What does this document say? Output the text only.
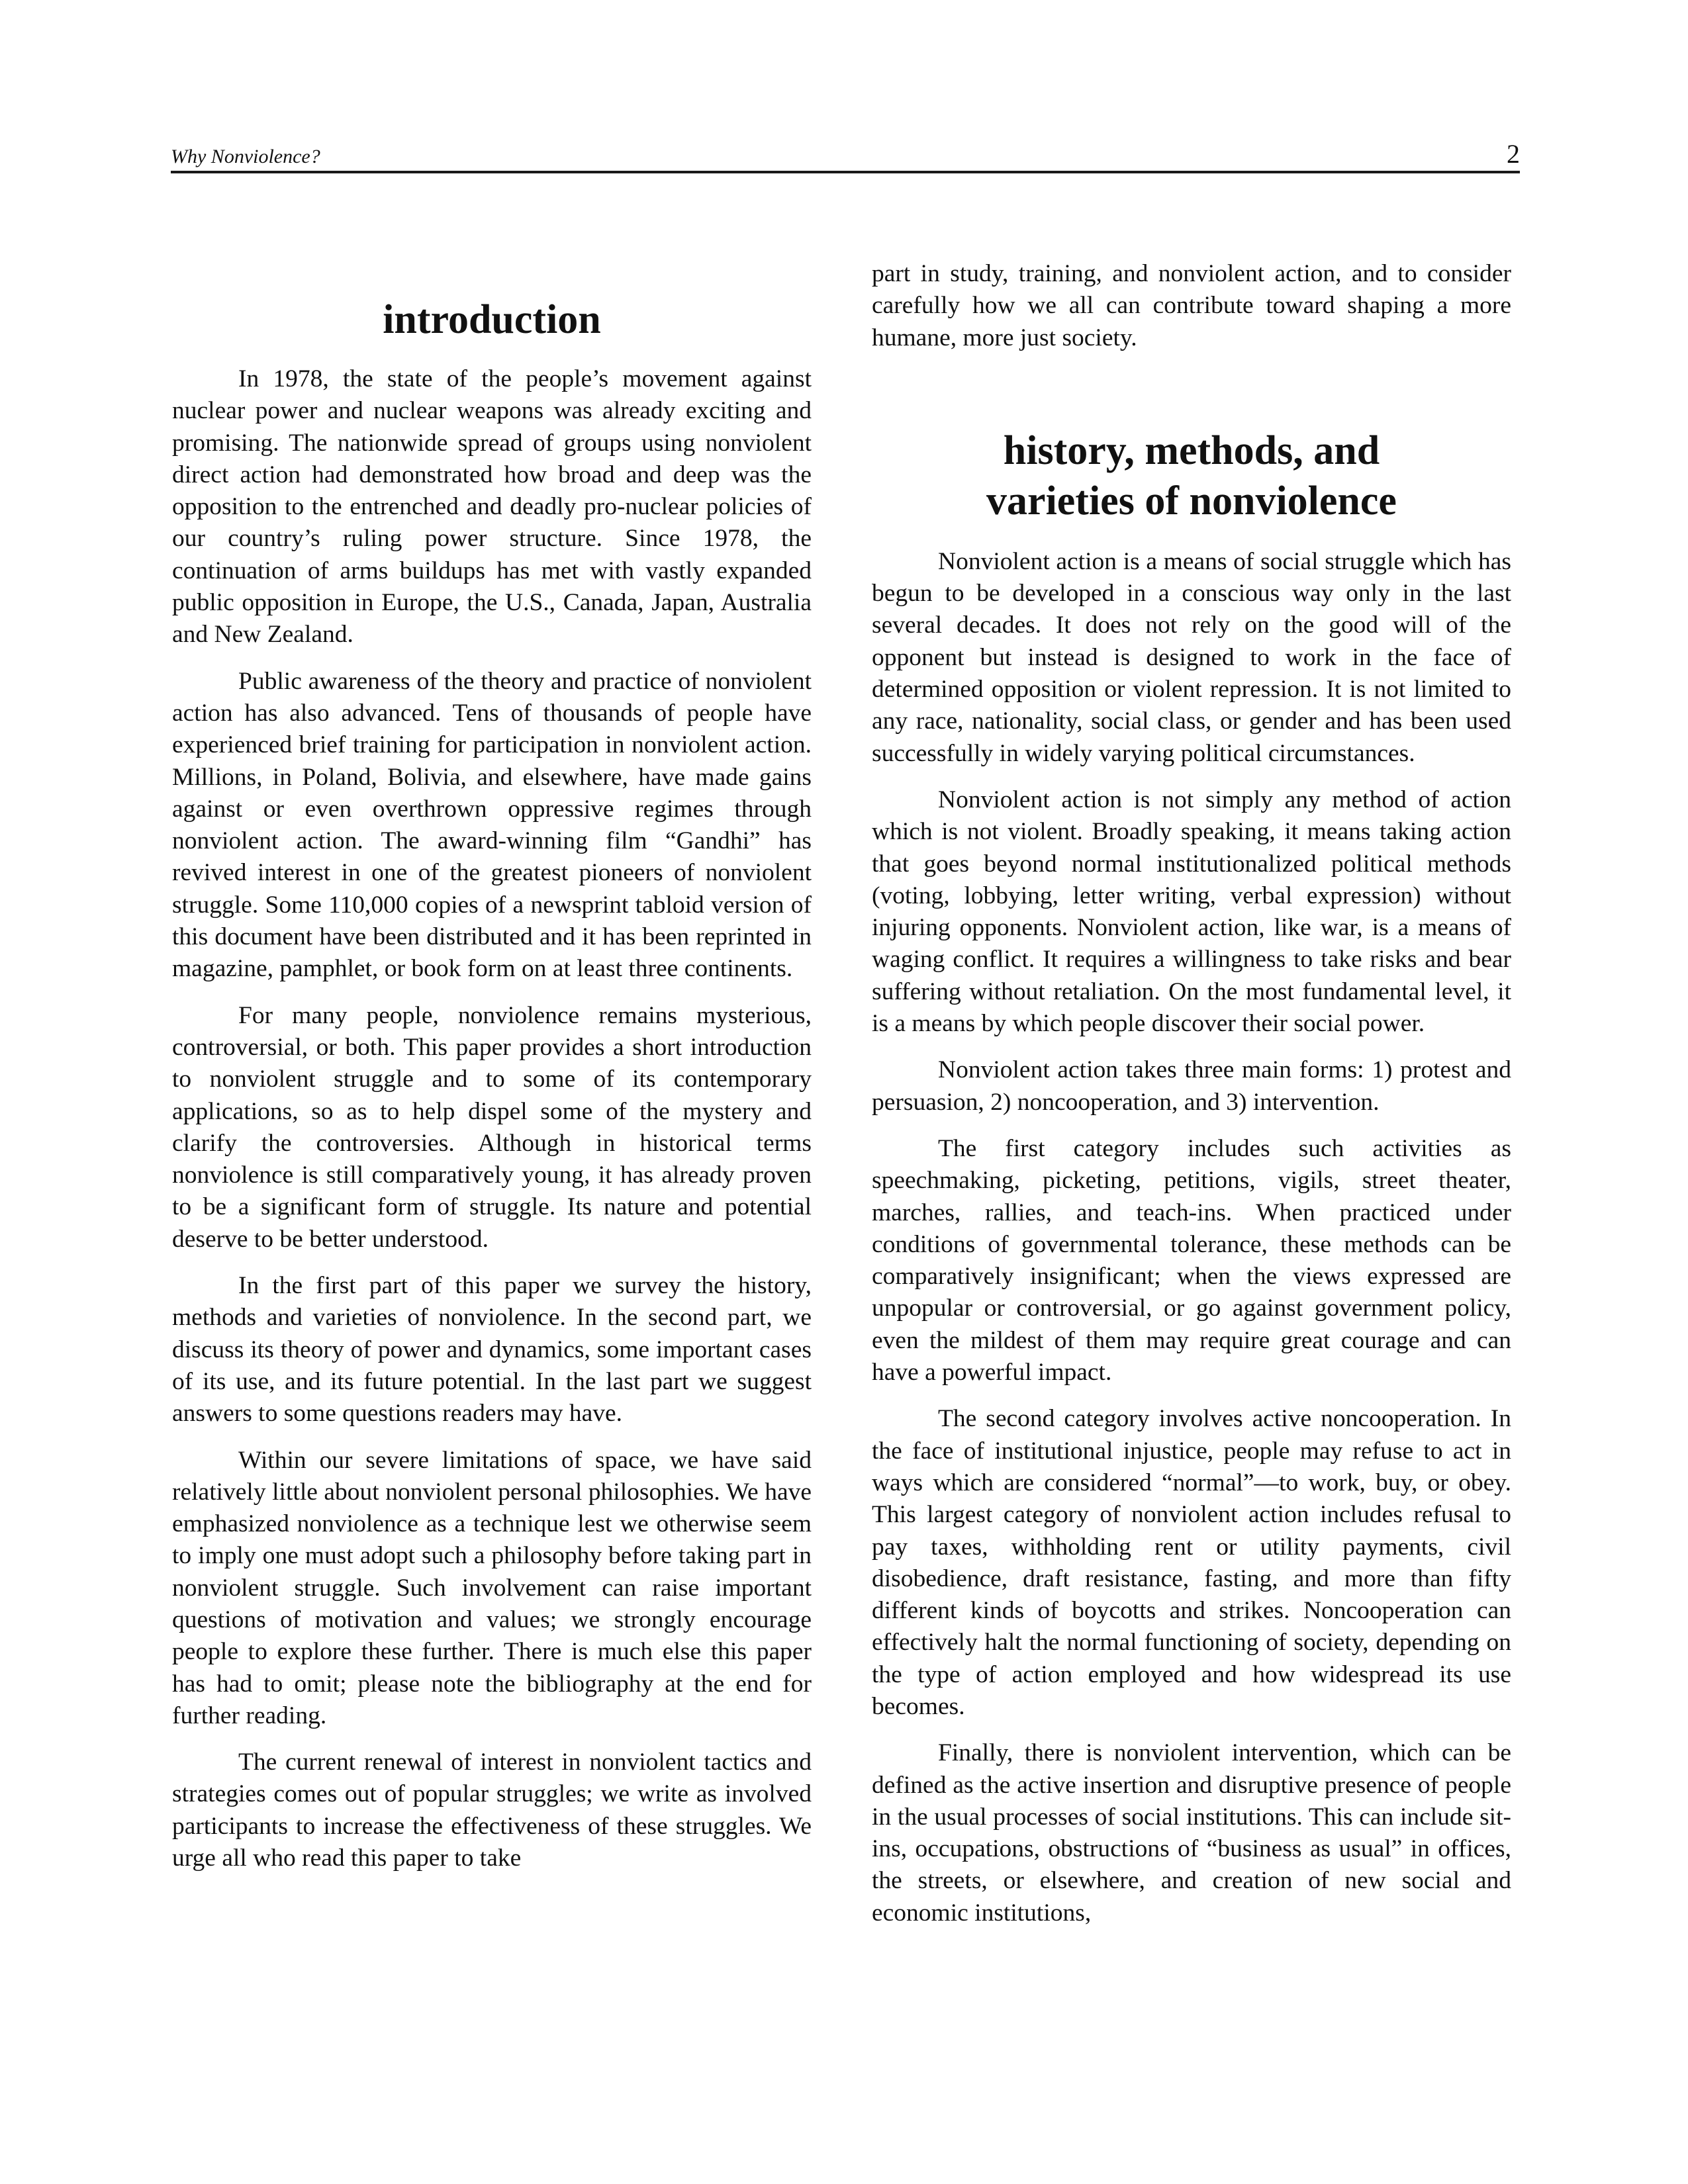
Why Nonviolence?	2
introduction

In 1978, the state of the people’s movement against nuclear power and nuclear weapons was already exciting and promising. The nationwide spread of groups using nonviolent direct action had demonstrated how broad and deep was the opposition to the entrenched and deadly pro-nuclear policies of our country’s ruling power structure. Since 1978, the continuation of arms buildups has met with vastly expanded public opposition in Europe, the U.S., Canada, Japan, Australia and New Zealand.

Public awareness of the theory and practice of nonviolent action has also advanced. Tens of thousands of people have experienced brief training for participation in nonviolent action. Millions, in Poland, Bolivia, and elsewhere, have made gains against or even overthrown oppressive regimes through nonviolent action. The award-winning film “Gandhi” has revived interest in one of the greatest pioneers of nonviolent struggle. Some 110,000 copies of a newsprint tabloid version of this document have been distributed and it has been reprinted in magazine, pamphlet, or book form on at least three continents.

For many people, nonviolence remains mysterious, controversial, or both. This paper provides a short introduction to nonviolent struggle and to some of its contemporary applications, so as to help dispel some of the mystery and clarify the controversies. Although in historical terms nonviolence is still comparatively young, it has already proven to be a significant form of struggle. Its nature and potential deserve to be better understood.

In the first part of this paper we survey the history, methods and varieties of nonviolence. In the second part, we discuss its theory of power and dynamics, some important cases of its use, and its future potential. In the last part we suggest answers to some questions readers may have.

Within our severe limitations of space, we have said relatively little about nonviolent personal philosophies. We have emphasized nonviolence as a technique lest we otherwise seem to imply one must adopt such a philosophy before taking part in nonviolent struggle. Such involvement can raise important questions of motivation and values; we strongly encourage people to explore these further. There is much else this paper has had to omit; please note the bibliography at the end for further reading.

The current renewal of interest in nonviolent tactics and strategies comes out of popular struggles; we write as involved participants to increase the effectiveness of these struggles. We urge all who read this paper to take

part in study, training, and nonviolent action, and to consider carefully how we all can contribute toward shaping a more humane, more just society.

history, methods, and
varieties of nonviolence

Nonviolent action is a means of social struggle which has begun to be developed in a conscious way only in the last several decades. It does not rely on the good will of the opponent but instead is designed to work in the face of determined opposition or violent repression. It is not limited to any race, nationality, social class, or gender and has been used successfully in widely varying political circumstances.

Nonviolent action is not simply any method of action which is not violent. Broadly speaking, it means taking action that goes beyond normal institutionalized political methods (voting, lobbying, letter writing, verbal expression) without injuring opponents. Nonviolent action, like war, is a means of waging conflict. It requires a willingness to take risks and bear suffering without retaliation. On the most fundamental level, it is a means by which people discover their social power.

Nonviolent action takes three main forms: 1) protest and persuasion, 2) noncooperation, and 3) intervention.

The first category includes such activities as speechmaking, picketing, petitions, vigils, street theater, marches, rallies, and teach-ins. When practiced under conditions of governmental tolerance, these methods can be comparatively insignificant; when the views expressed are unpopular or controversial, or go against government policy, even the mildest of them may require great courage and can have a powerful impact.

The second category involves active noncooperation. In the face of institutional injustice, people may refuse to act in ways which are considered “normal”—to work, buy, or obey. This largest category of nonviolent action includes refusal to pay taxes, withholding rent or utility payments, civil disobedience, draft resistance, fasting, and more than fifty different kinds of boycotts and strikes. Noncooperation can effectively halt the normal functioning of society, depending on the type of action employed and how widespread its use becomes.

Finally, there is nonviolent intervention, which can be defined as the active insertion and disruptive presence of people in the usual processes of social institutions. This can include sit-ins, occupations, obstructions of “business as usual” in offices, the streets, or elsewhere, and creation of new social and economic institutions,
